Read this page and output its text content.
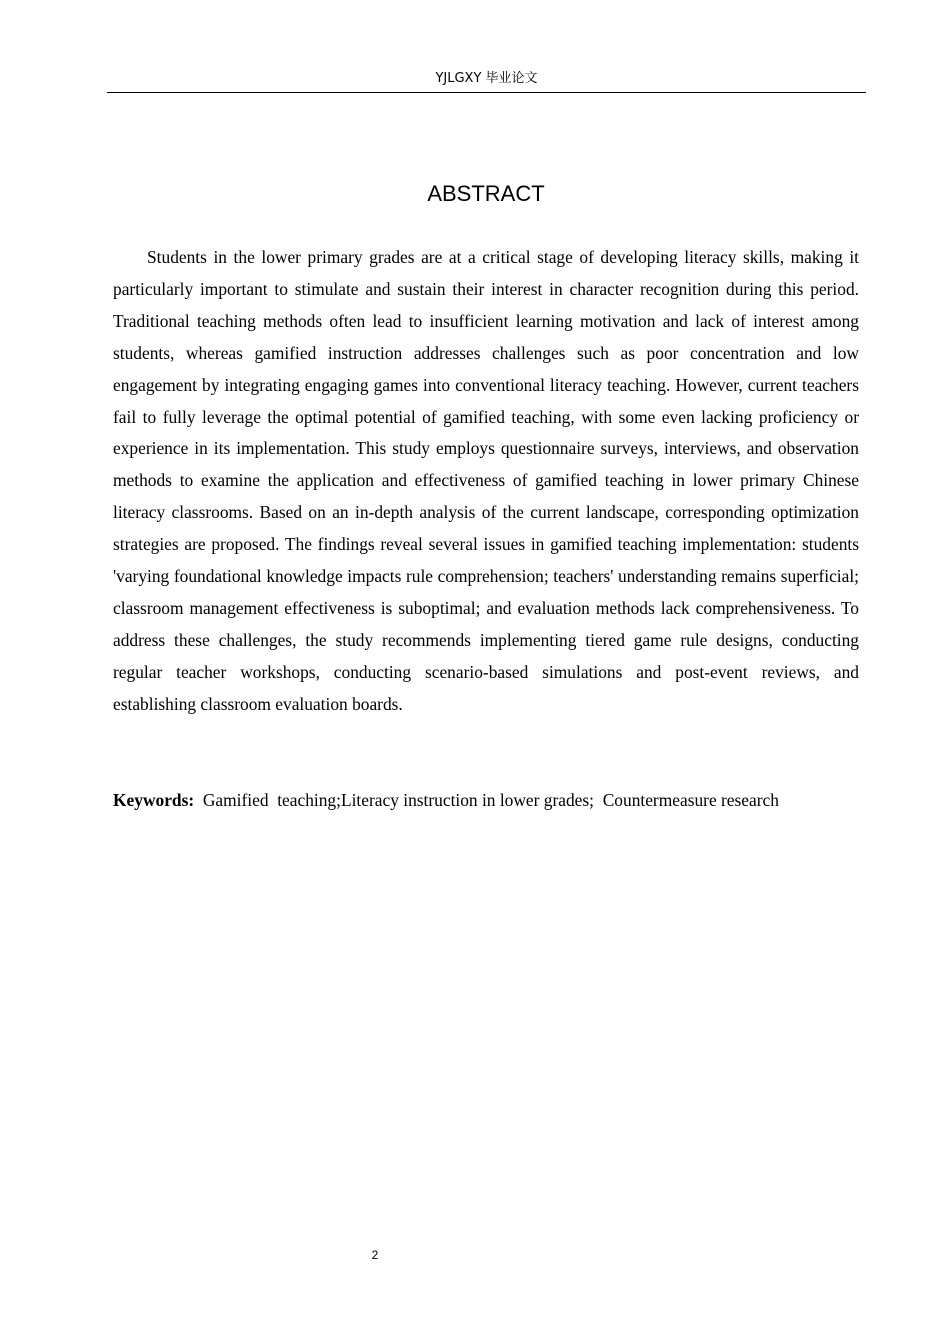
YJLGXY 毕业论文
ABSTRACT

Students in the lower primary grades are at a critical stage of developing literacy skills, making it particularly important to stimulate and sustain their interest in character recognition during this period. Traditional teaching methods often lead to insufficient learning motivation and lack of interest among students, whereas gamified instruction addresses challenges such as poor concentration and low engagement by integrating engaging games into conventional literacy teaching. However, current teachers fail to fully leverage the optimal potential of gamified teaching, with some even lacking proficiency or experience in its implementation. This study employs questionnaire surveys, interviews, and observation methods to examine the application and effectiveness of gamified teaching in lower primary Chinese literacy classrooms. Based on an in-depth analysis of the current landscape, corresponding optimization strategies are proposed. The findings reveal several issues in gamified teaching implementation: students 'varying foundational knowledge impacts rule comprehension; teachers' understanding remains superficial; classroom management effectiveness is suboptimal; and evaluation methods lack comprehensiveness. To address these challenges, the study recommends implementing tiered game rule designs, conducting regular teacher workshops, conducting scenario-based simulations and post-event reviews, and establishing classroom evaluation boards.

Keywords:  Gamified  teaching;Literacy instruction in lower grades;  Countermeasure research
2
